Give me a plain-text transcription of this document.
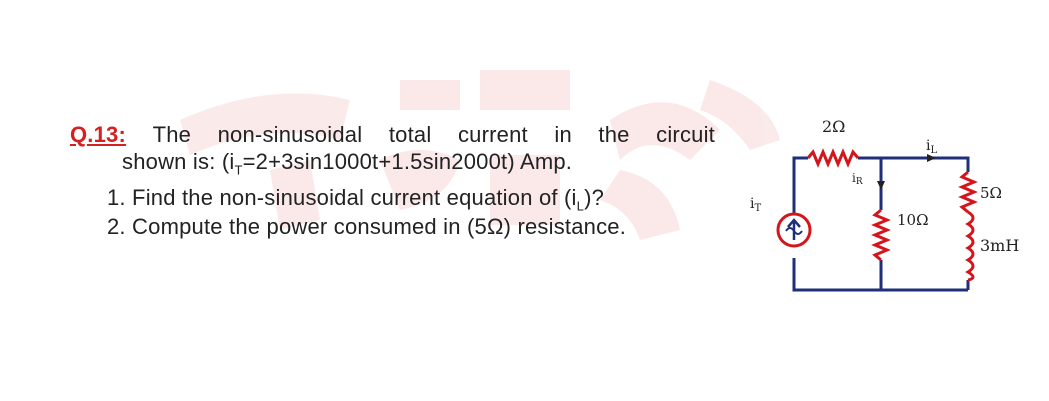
Q.13: The non-sinusoidal total current in the circuit
shown is: $(i_T=2+3\sin 1000t+1.5\sin 2000t)$ Amp.
1. Find the non-sinusoidal current equation of $(i_L)$?
2. Compute the power consumed in (5Ω) resistance.
2Ω
$i_L$
iR
$i_T$
10Ω
5Ω
3mH
